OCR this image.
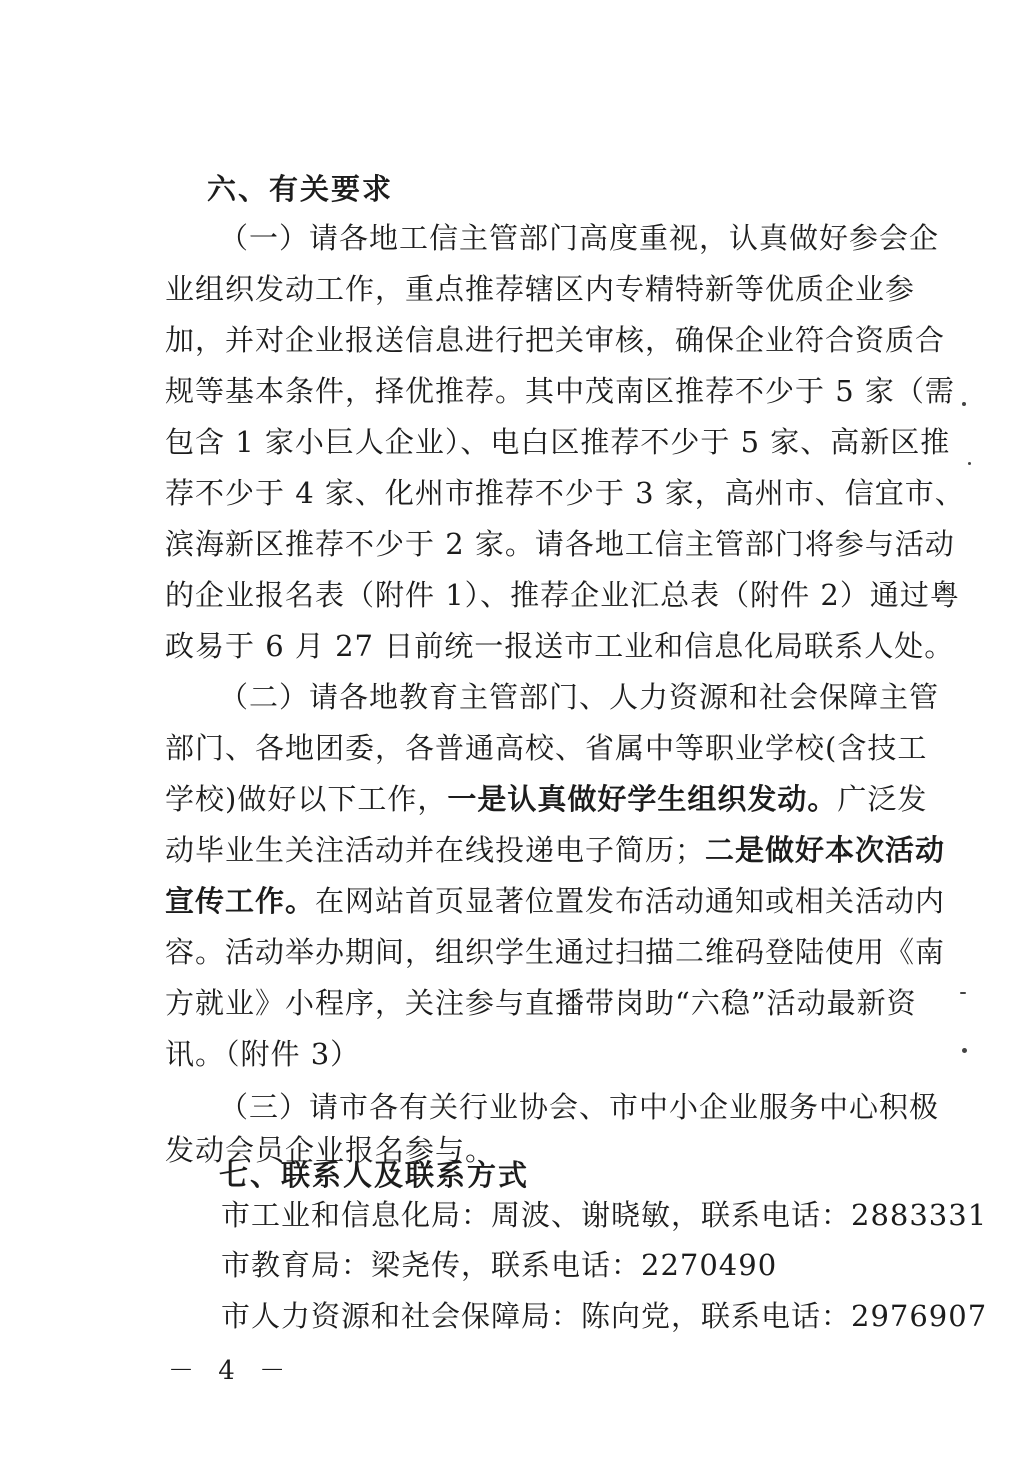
六、有关要求
（一）请各地工信主管部门高度重视，认真做好参会企
业组织发动工作，重点推荐辖区内专精特新等优质企业参
加，并对企业报送信息进行把关审核，确保企业符合资质合
规等基本条件，择优推荐。其中茂南区推荐不少于 5 家（需
包含 1 家小巨人企业）、电白区推荐不少于 5 家、高新区推
荐不少于 4 家、化州市推荐不少于 3 家，高州市、信宜市、
滨海新区推荐不少于 2 家。请各地工信主管部门将参与活动
的企业报名表（附件 1）、推荐企业汇总表（附件 2）通过粤
政易于 6 月 27 日前统一报送市工业和信息化局联系人处。
（二）请各地教育主管部门、人力资源和社会保障主管
部门、各地团委，各普通高校、省属中等职业学校(含技工
学校)做好以下工作，一是认真做好学生组织发动。广泛发
动毕业生关注活动并在线投递电子简历；二是做好本次活动
宣传工作。在网站首页显著位置发布活动通知或相关活动内
容。活动举办期间，组织学生通过扫描二维码登陆使用《南
方就业》小程序，关注参与直播带岗助“六稳”活动最新资
讯。（附件 3）
（三）请市各有关行业协会、市中小企业服务中心积极
发动会员企业报名参与。
七、联系人及联系方式
市工业和信息化局：周波、谢晓敏，联系电话：2883331
市教育局：梁尧传，联系电话：2270490
市人力资源和社会保障局：陈向党，联系电话：2976907
－ 4 －
